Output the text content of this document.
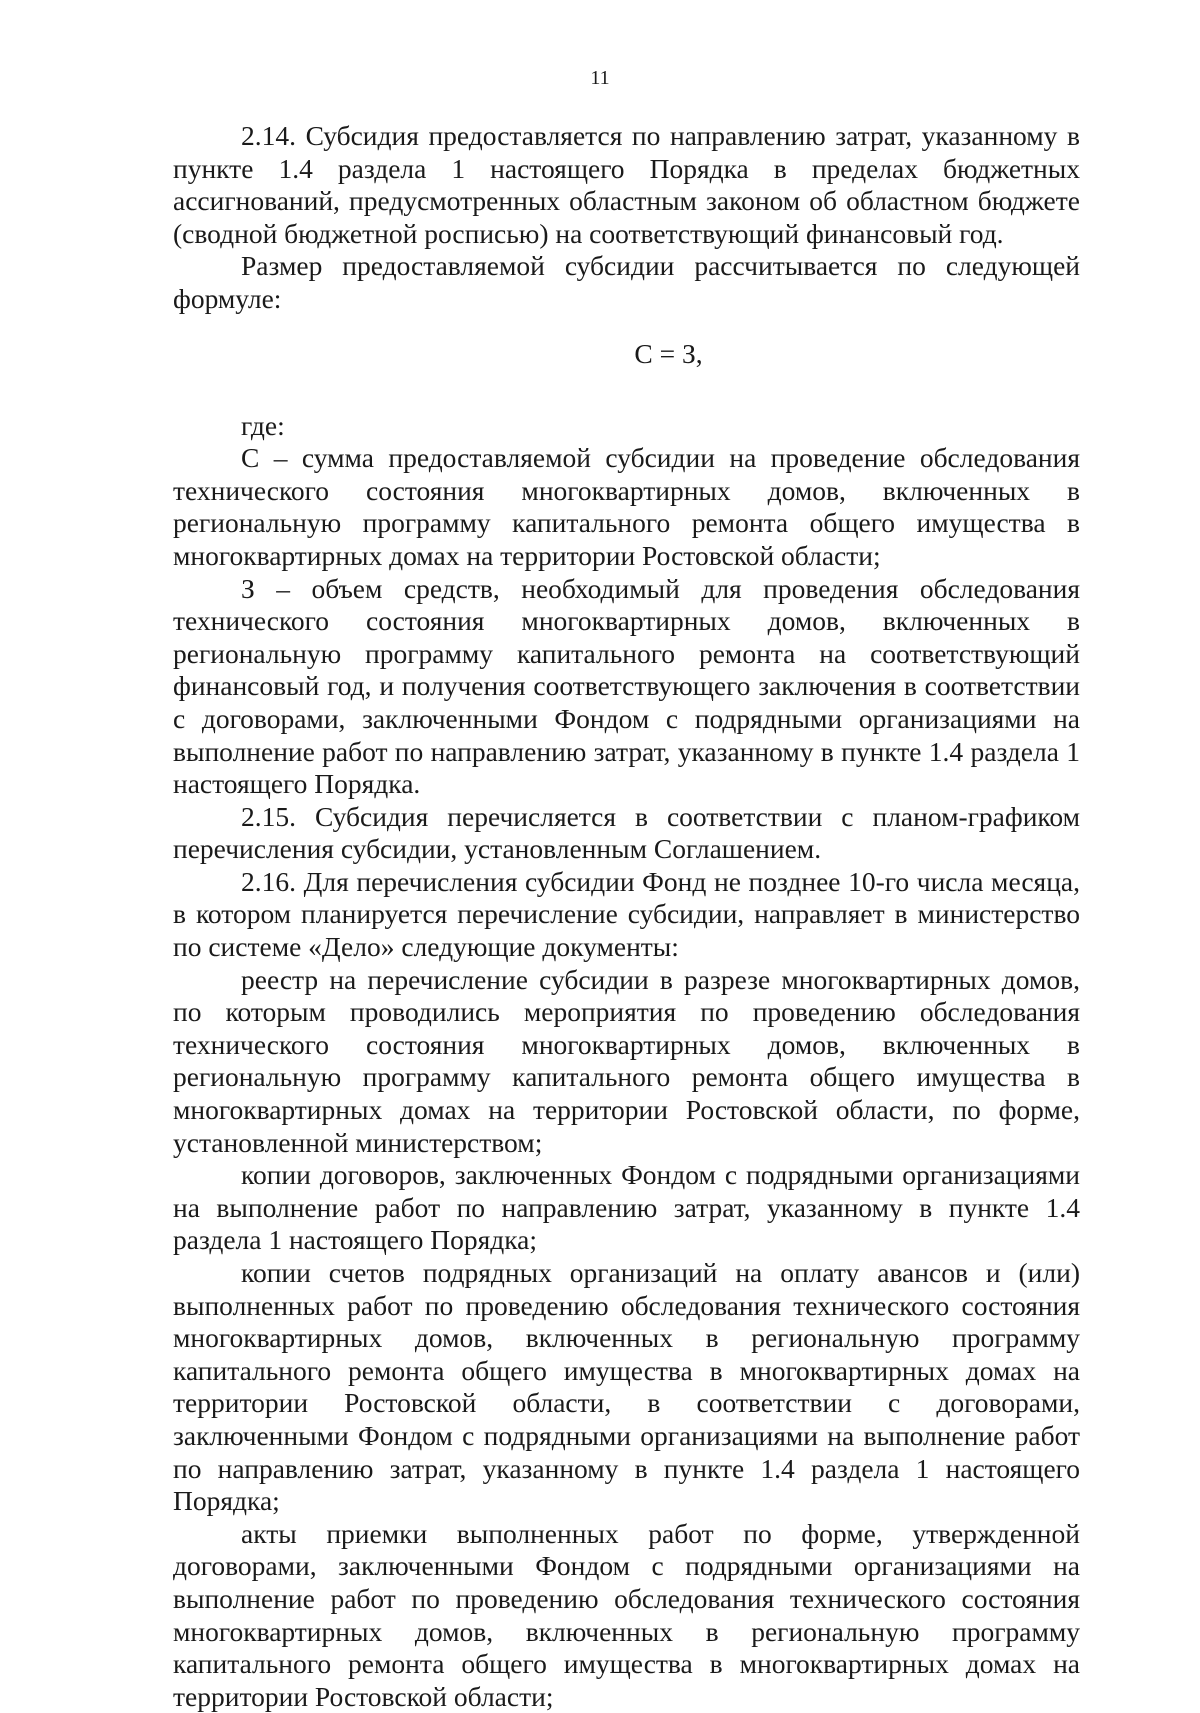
11

2.14. Субсидия предоставляется по направлению затрат, указанному в пункте 1.4 раздела 1 настоящего Порядка в пределах бюджетных ассигнований, предусмотренных областным законом об областном бюджете (сводной бюджетной росписью) на соответствующий финансовый год.

Размер предоставляемой субсидии рассчитывается по следующей формуле:

С = З,

где:

С – сумма предоставляемой субсидии на проведение обследования технического состояния многоквартирных домов, включенных в региональную программу капитального ремонта общего имущества в многоквартирных домах на территории Ростовской области;

З – объем средств, необходимый для проведения обследования технического состояния многоквартирных домов, включенных в региональную программу капитального ремонта на соответствующий финансовый год, и получения соответствующего заключения в соответствии с договорами, заключенными Фондом с подрядными организациями на выполнение работ по направлению затрат, указанному в пункте 1.4 раздела 1 настоящего Порядка.

2.15. Субсидия перечисляется в соответствии с планом-графиком перечисления субсидии, установленным Соглашением.

2.16. Для перечисления субсидии Фонд не позднее 10-го числа месяца, в котором планируется перечисление субсидии, направляет в министерство по системе «Дело» следующие документы:

реестр на перечисление субсидии в разрезе многоквартирных домов, по которым проводились мероприятия по проведению обследования технического состояния многоквартирных домов, включенных в региональную программу капитального ремонта общего имущества в многоквартирных домах на территории Ростовской области, по форме, установленной министерством;

копии договоров, заключенных Фондом с подрядными организациями на выполнение работ по направлению затрат, указанному в пункте 1.4 раздела 1 настоящего Порядка;

копии счетов подрядных организаций на оплату авансов и (или) выполненных работ по проведению обследования технического состояния многоквартирных домов, включенных в региональную программу капитального ремонта общего имущества в многоквартирных домах на территории Ростовской области, в соответствии с договорами, заключенными Фондом с подрядными организациями на выполнение работ по направлению затрат, указанному в пункте 1.4 раздела 1 настоящего Порядка;

акты приемки выполненных работ по форме, утвержденной договорами, заключенными Фондом с подрядными организациями на выполнение работ по проведению обследования технического состояния многоквартирных домов, включенных в региональную программу капитального ремонта общего имущества в многоквартирных домах на территории Ростовской области;
